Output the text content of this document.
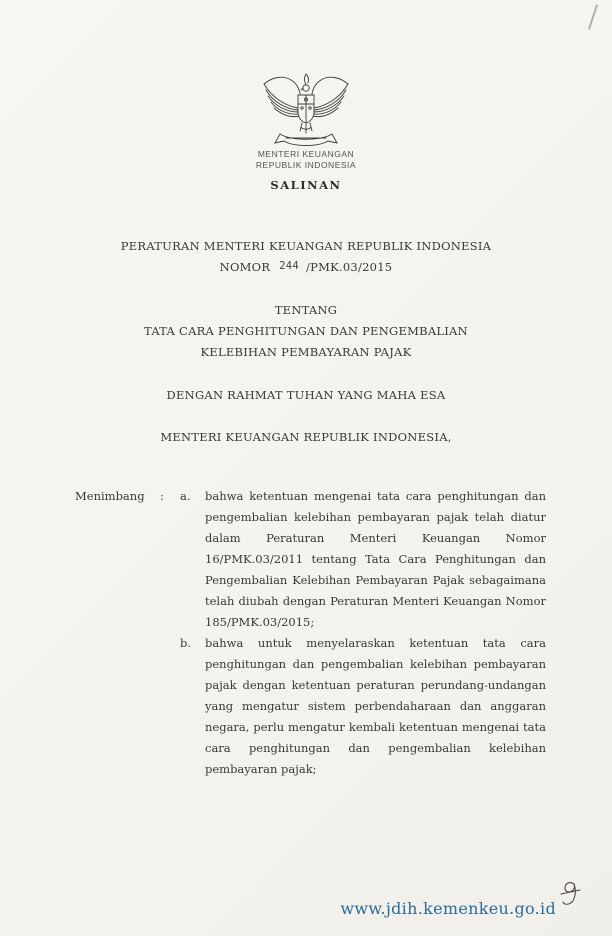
MENTERI KEUANGAN
REPUBLIK INDONESIA
SALINAN
PERATURAN MENTERI KEUANGAN REPUBLIK INDONESIA
NOMOR 244 /PMK.03/2015
TENTANG
TATA CARA PENGHITUNGAN DAN PENGEMBALIAN
KELEBIHAN PEMBAYARAN PAJAK
DENGAN RAHMAT TUHAN YANG MAHA ESA
MENTERI KEUANGAN REPUBLIK INDONESIA,
Menimbang	:	a.	bahwa ketentuan mengenai tata cara penghitungan dan pengembalian kelebihan pembayaran pajak telah diatur dalam Peraturan Menteri Keuangan Nomor 16/PMK.03/2011 tentang Tata Cara Penghitungan dan Pengembalian Kelebihan Pembayaran Pajak sebagaimana telah diubah dengan Peraturan Menteri Keuangan Nomor 185/PMK.03/2015;
b.	bahwa untuk menyelaraskan ketentuan tata cara penghitungan dan pengembalian kelebihan pembayaran pajak dengan ketentuan peraturan perundang-undangan yang mengatur sistem perbendaharaan dan anggaran negara, perlu mengatur kembali ketentuan mengenai tata cara penghitungan dan pengembalian kelebihan pembayaran pajak;
www.jdih.kemenkeu.go.id
